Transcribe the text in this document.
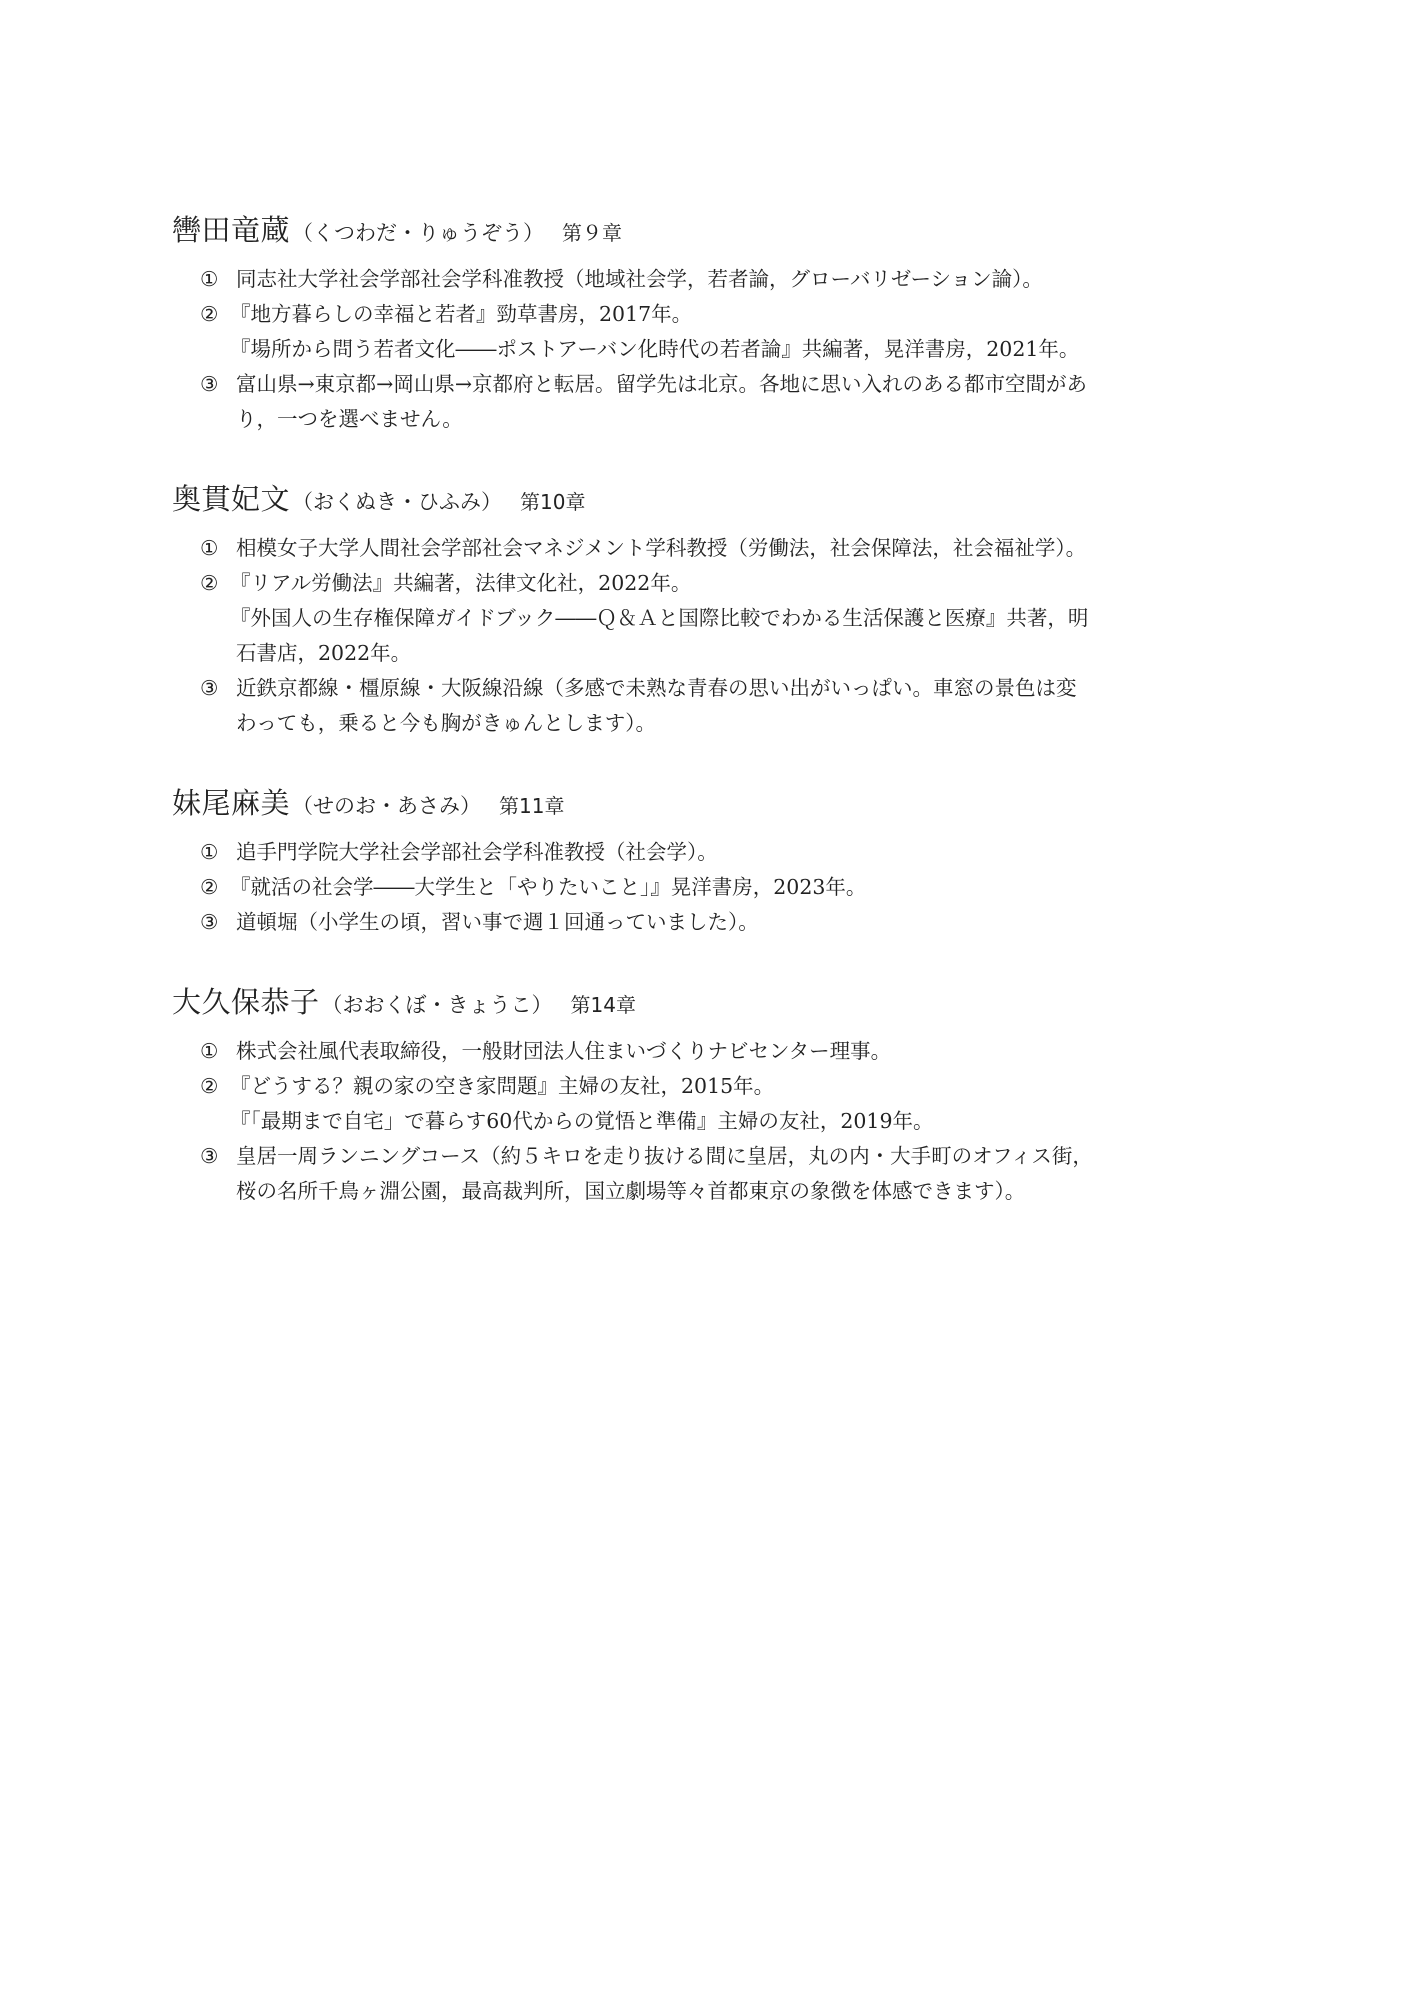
轡田竜蔵 （くつわだ・りゅうぞう） 第９章
① 同志社大学社会学部社会学科准教授（地域社会学，若者論，グローバリゼーション論）。
② 『地方暮らしの幸福と若者』勁草書房，2017年。
『場所から問う若者文化――ポストアーバン化時代の若者論』共編著，晃洋書房，2021年。
③ 富山県→東京都→岡山県→京都府と転居。留学先は北京。各地に思い入れのある都市空間があ
り，一つを選べません。
奥貫妃文 （おくぬき・ひふみ） 第10章
① 相模女子大学人間社会学部社会マネジメント学科教授（労働法，社会保障法，社会福祉学）。
② 『リアル労働法』共編著，法律文化社，2022年。
『外国人の生存権保障ガイドブック――Ｑ＆Ａと国際比較でわかる生活保護と医療』共著，明
石書店，2022年。
③ 近鉄京都線・橿原線・大阪線沿線（多感で未熟な青春の思い出がいっぱい。車窓の景色は変
わっても，乗ると今も胸がきゅんとします）。
妹尾麻美 （せのお・あさみ） 第11章
① 追手門学院大学社会学部社会学科准教授（社会学）。
② 『就活の社会学――大学生と「やりたいこと」』晃洋書房，2023年。
③ 道頓堀（小学生の頃，習い事で週１回通っていました）。
大久保恭子 （おおくぼ・きょうこ） 第14章
① 株式会社風代表取締役，一般財団法人住まいづくりナビセンター理事。
② 『どうする？親の家の空き家問題』主婦の友社，2015年。
『「最期まで自宅」で暮らす60代からの覚悟と準備』主婦の友社，2019年。
③ 皇居一周ランニングコース（約５キロを走り抜ける間に皇居，丸の内・大手町のオフィス街，
桜の名所千鳥ヶ淵公園，最高裁判所，国立劇場等々首都東京の象徴を体感できます）。
